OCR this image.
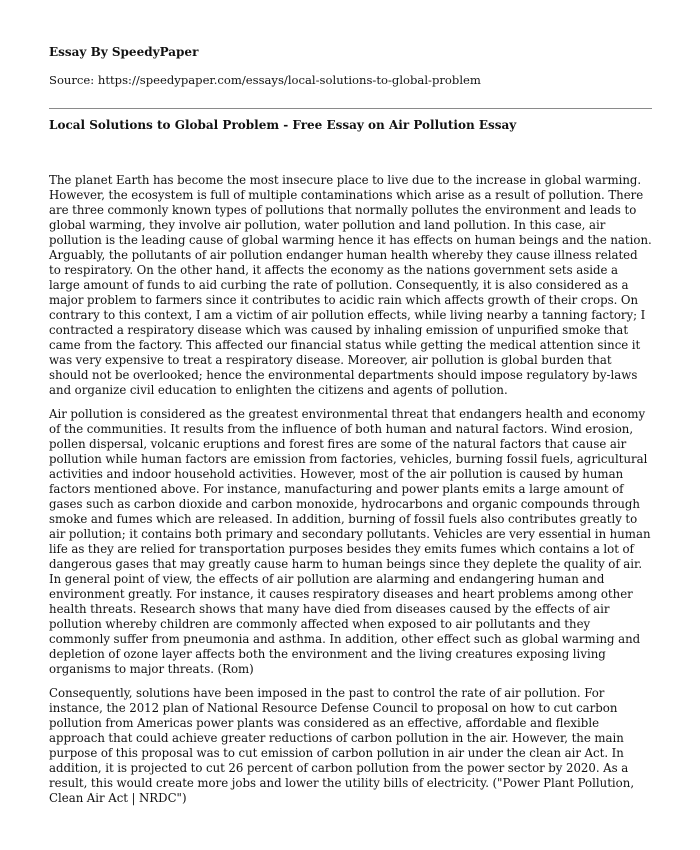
Essay By SpeedyPaper
Source: https://speedypaper.com/essays/local-solutions-to-global-problem
Local Solutions to Global Problem - Free Essay on Air Pollution Essay

The planet Earth has become the most insecure place to live due to the increase in global warming. However, the ecosystem is full of multiple contaminations which arise as a result of pollution. There are three commonly known types of pollutions that normally pollutes the environment and leads to global warming, they involve air pollution, water pollution and land pollution. In this case, air pollution is the leading cause of global warming hence it has effects on human beings and the nation. Arguably, the pollutants of air pollution endanger human health whereby they cause illness related to respiratory. On the other hand, it affects the economy as the nations government sets aside a large amount of funds to aid curbing the rate of pollution. Consequently, it is also considered as a major problem to farmers since it contributes to acidic rain which affects growth of their crops. On contrary to this context, I am a victim of air pollution effects, while living nearby a tanning factory; I contracted a respiratory disease which was caused by inhaling emission of unpurified smoke that came from the factory. This affected our financial status while getting the medical attention since it was very expensive to treat a respiratory disease. Moreover, air pollution is global burden that should not be overlooked; hence the environmental departments should impose regulatory by-laws and organize civil education to enlighten the citizens and agents of pollution.

Air pollution is considered as the greatest environmental threat that endangers health and economy of the communities. It results from the influence of both human and natural factors. Wind erosion, pollen dispersal, volcanic eruptions and forest fires are some of the natural factors that cause air pollution while human factors are emission from factories, vehicles, burning fossil fuels, agricultural activities and indoor household activities. However, most of the air pollution is caused by human factors mentioned above. For instance, manufacturing and power plants emits a large amount of gases such as carbon dioxide and carbon monoxide, hydrocarbons and organic compounds through smoke and fumes which are released. In addition, burning of fossil fuels also contributes greatly to air pollution; it contains both primary and secondary pollutants. Vehicles are very essential in human life as they are relied for transportation purposes besides they emits fumes which contains a lot of dangerous gases that may greatly cause harm to human beings since they deplete the quality of air. In general point of view, the effects of air pollution are alarming and endangering human and environment greatly. For instance, it causes respiratory diseases and heart problems among other health threats. Research shows that many have died from diseases caused by the effects of air pollution whereby children are commonly affected when exposed to air pollutants and they commonly suffer from pneumonia and asthma. In addition, other effect such as global warming and depletion of ozone layer affects both the environment and the living creatures exposing living organisms to major threats. (Rom)

Consequently, solutions have been imposed in the past to control the rate of air pollution. For instance, the 2012 plan of National Resource Defense Council to proposal on how to cut carbon pollution from Americas power plants was considered as an effective, affordable and flexible approach that could achieve greater reductions of carbon pollution in the air. However, the main purpose of this proposal was to cut emission of carbon pollution in air under the clean air Act. In addition, it is projected to cut 26 percent of carbon pollution from the power sector by 2020. As a result, this would create more jobs and lower the utility bills of electricity. ("Power Plant Pollution, Clean Air Act | NRDC")
